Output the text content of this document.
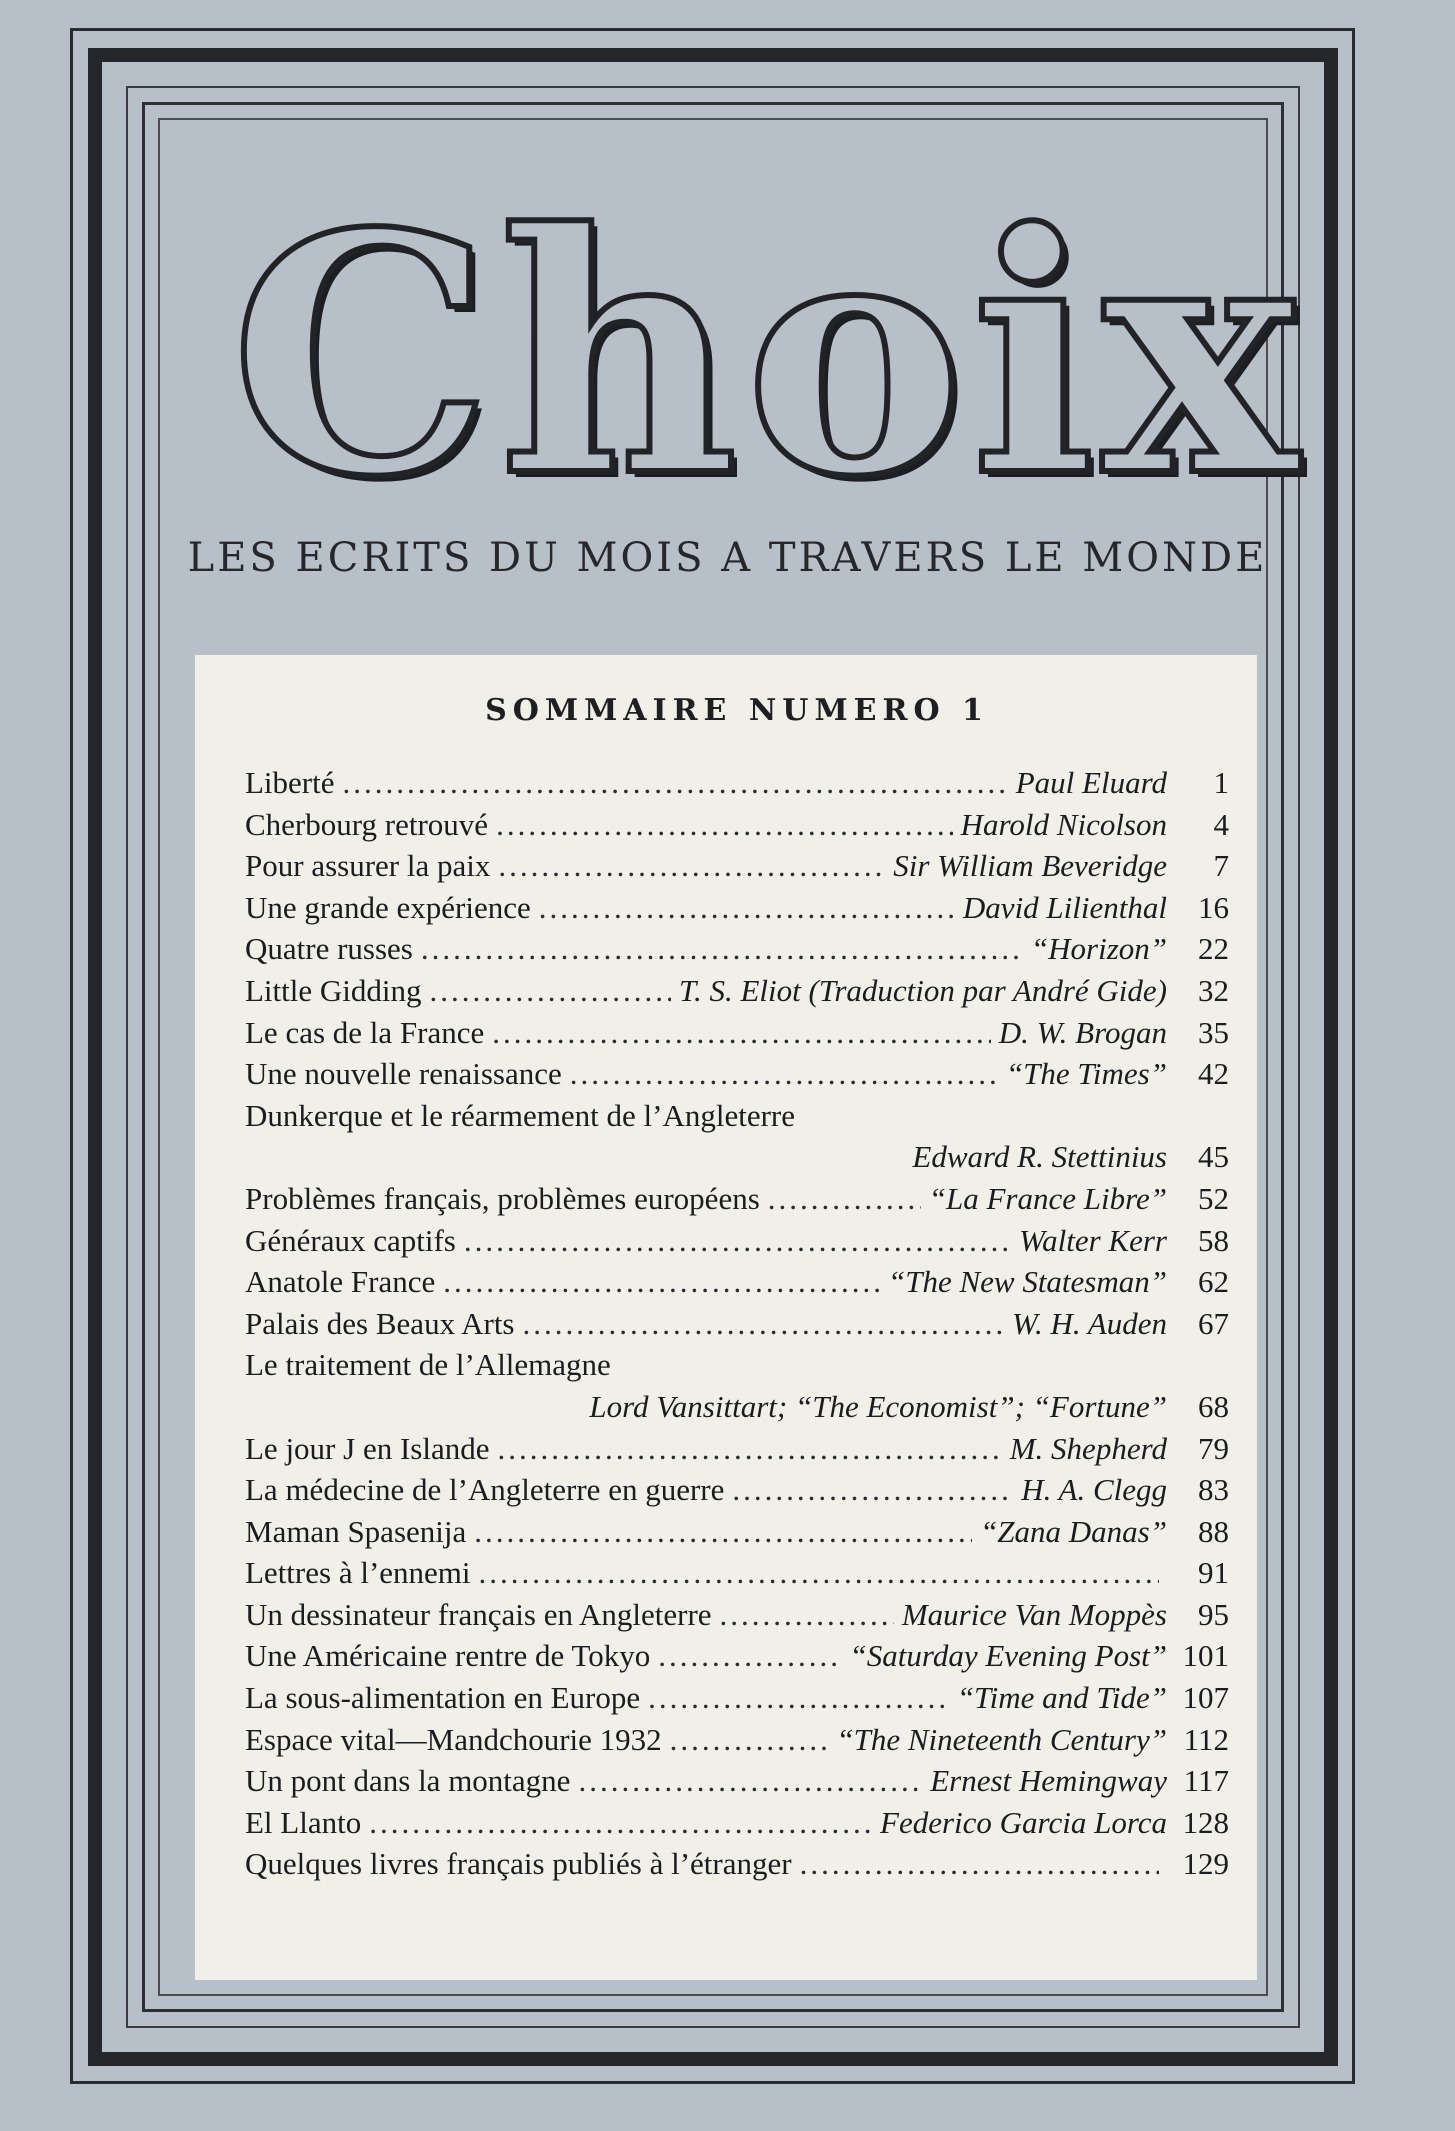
Choix

LES ECRITS DU MOIS A TRAVERS LE MONDE

SOMMAIRE NUMERO 1
Liberté .....	Paul Eluard	1
Cherbourg retrouvé .....	Harold Nicolson	4
Pour assurer la paix .....	Sir William Beveridge	7
Une grande expérience .....	David Lilienthal	16
Quatre russes .....	“Horizon”	22
Little Gidding .....	T. S. Eliot (Traduction par André Gide)	32
Le cas de la France .....	D. W. Brogan	35
Une nouvelle renaissance .....	“The Times”	42
Dunkerque et le réarmement de l’Angleterre
Edward R. Stettinius	45
Problèmes français, problèmes européens .....	“La France Libre”	52
Généraux captifs .....	Walter Kerr	58
Anatole France .....	“The New Statesman”	62
Palais des Beaux Arts .....	W. H. Auden	67
Le traitement de l’Allemagne
Lord Vansittart; “The Economist”; “Fortune”	68
Le jour J en Islande .....	M. Shepherd	79
La médecine de l’Angleterre en guerre .....	H. A. Clegg	83
Maman Spasenija .....	“Zana Danas”	88
Lettres à l’ennemi .....	91
Un dessinateur français en Angleterre .....	Maurice Van Moppès	95
Une Américaine rentre de Tokyo .....	“Saturday Evening Post” 101
La sous-alimentation en Europe .....	“Time and Tide” 107
Espace vital—Mandchourie 1932 .....	“The Nineteenth Century” 112
Un pont dans la montagne .....	Ernest Hemingway 117
El Llanto .....	Federico Garcia Lorca 128
Quelques livres français publiés à l’étranger .....	129
